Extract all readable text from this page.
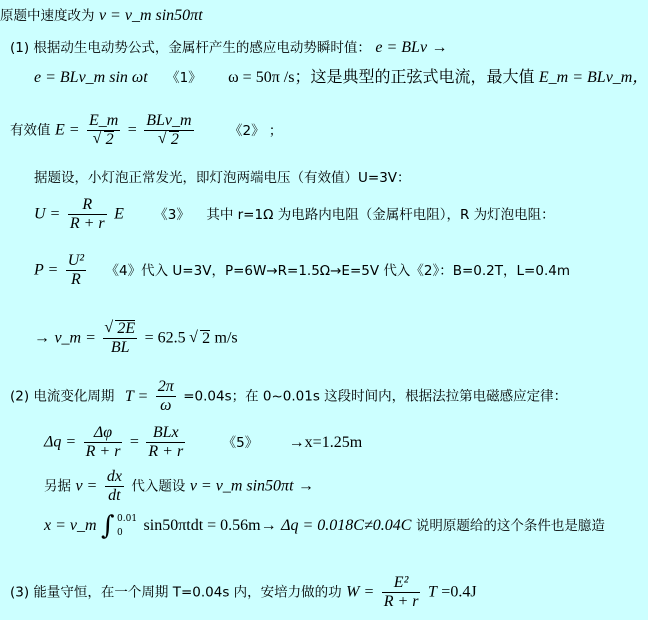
原题中速度改为 v = v_m sin50πt
(1) 根据动生电动势公式，金属杆产生的感应电动势瞬时值： e = BLv →
e = BLv_m sin ωt 《1》 ω = 50π /s；这是典型的正弦式电流，最大值 E_m = BLv_m，
有效值 E = E_m
√ 2 = BLv_m
√ 2	《2》 ；
据题设，小灯泡正常发光，即灯泡两端电压（有效值）U=3V：
$U = \frac{R}{R + r}$ E 《3》 其中 r=1Ω 为电路内电阻（金属杆电阻），R 为灯泡电阻：
$P = \frac{\text{U²}}{R}$ 《4》代入 U=3V，P=6W→R=1.5Ω→E=5V 代入《2》：B=0.2T，L=0.4m
→ v_m = √ $\frac{2E}{BL} = 62.5$ √ 2 m/s
(2) 电流变化周期 $T = \frac{2\pi}{\omega} =0.04s$；在 0~0.01s 这段时间内，根据法拉第电磁感应定律：
$\Delta q = \frac{\Delta\varphi}{R + r} = \frac{\text{BLx}}{R + r}$	《5》 →x=1.25m
另据 $v = \frac{dx}{dt}$ 代入题设 v = v_m sin50πt →
x = v_m ∫ 0.01
0	sin50πtdt = 0.56m→ Δq = 0.018C≠0.04C 说明原题给的这个条件也是臆造
(3) 能量守恒，在一个周期 T=0.04s 内，安培力做的功 $W = \frac{\text{E²}}{R + r}$ T =0.4J
